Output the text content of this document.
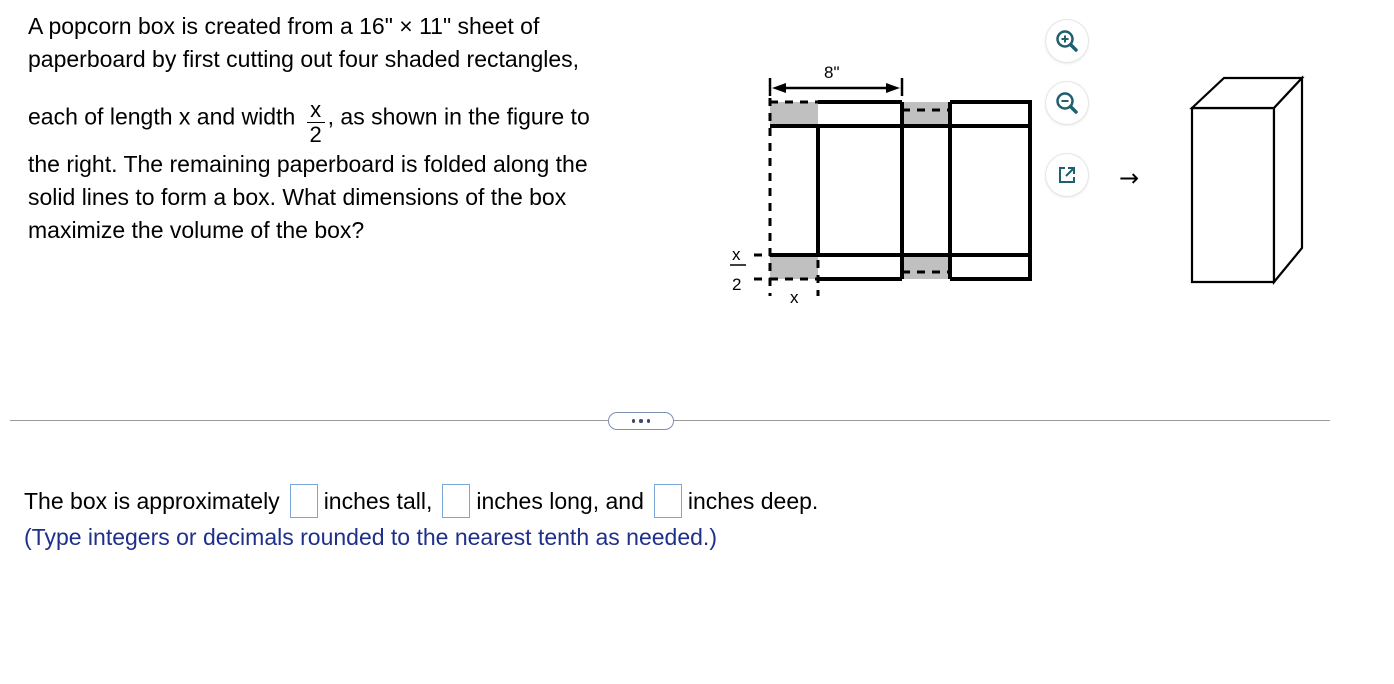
A popcorn box is created from a 16" × 11" sheet of

paperboard by first cutting out four shaded rectangles,

each of length x and width $\frac{x}{2}$ , as shown in the figure to

the right. The remaining paperboard is folded along the

solid lines to form a box. What dimensions of the box

maximize the volume of the box?

8"
x
2
x
→
The box is approximately inches tall, inches long, and inches deep.
(Type integers or decimals rounded to the nearest tenth as needed.)
